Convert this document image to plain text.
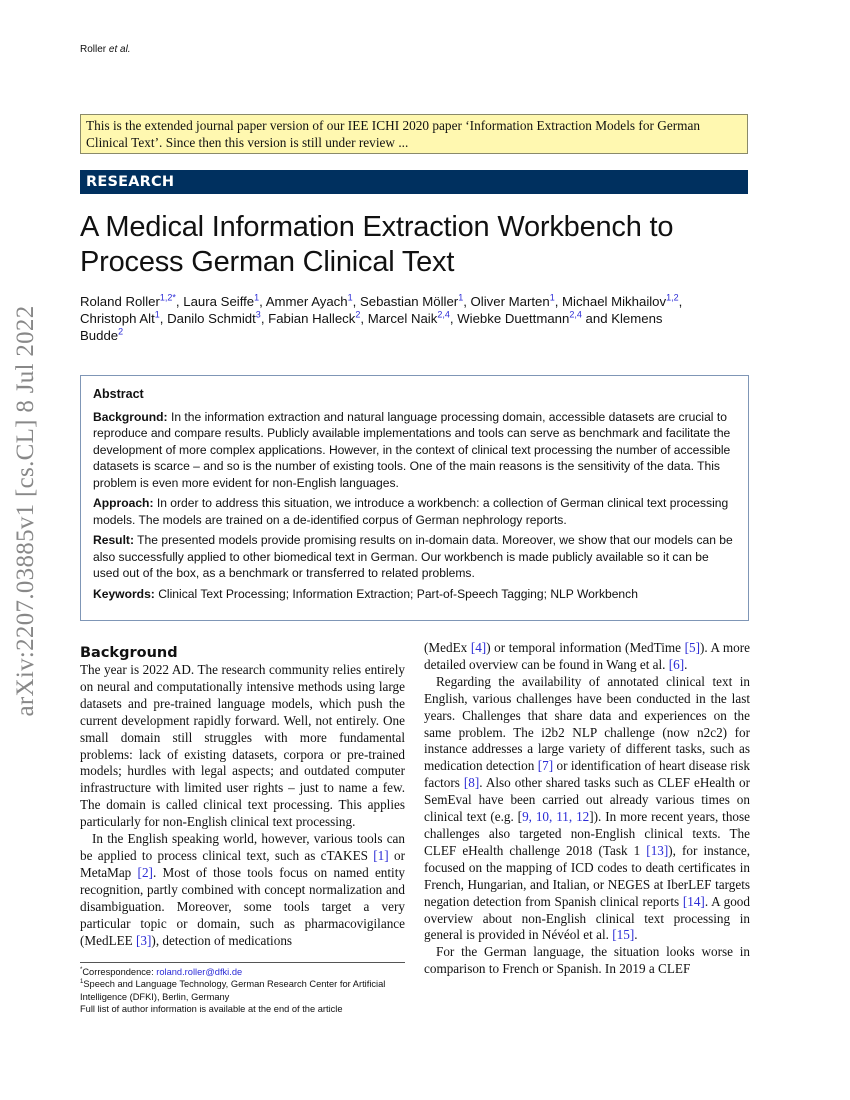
Roller et al.
arXiv:2207.03885v1 [cs.CL] 8 Jul 2022
This is the extended journal paper version of our IEE ICHI 2020 paper ‘Information Extraction Models for German Clinical Text’. Since then this version is still under review ...
RESEARCH
A Medical Information Extraction Workbench to Process German Clinical Text
Roland Roller$^{1,2*}$, Laura Seiffe$^1$, Ammer Ayach$^1$, Sebastian Möller$^1$, Oliver Marten$^1$, Michael Mikhailov$^{1,2}$, Christoph Alt$^1$, Danilo Schmidt$^3$, Fabian Halleck$^2$, Marcel Naik$^{2,4}$, Wiebke Duettmann$^{2,4}$ and Klemens Budde$^2$
Abstract

Background: In the information extraction and natural language processing domain, accessible datasets are crucial to reproduce and compare results. Publicly available implementations and tools can serve as benchmark and facilitate the development of more complex applications. However, in the context of clinical text processing the number of accessible datasets is scarce – and so is the number of existing tools. One of the main reasons is the sensitivity of the data. This problem is even more evident for non-English languages.

Approach: In order to address this situation, we introduce a workbench: a collection of German clinical text processing models. The models are trained on a de-identified corpus of German nephrology reports.

Result: The presented models provide promising results on in-domain data. Moreover, we show that our models can be also successfully applied to other biomedical text in German. Our workbench is made publicly available so it can be used out of the box, as a benchmark or transferred to related problems.

Keywords: Clinical Text Processing; Information Extraction; Part-of-Speech Tagging; NLP Workbench

Background

The year is 2022 AD. The research community relies entirely on neural and computationally intensive methods using large datasets and pre-trained language models, which push the current development rapidly forward. Well, not entirely. One small domain still struggles with more fundamental problems: lack of existing datasets, corpora or pre-trained models; hurdles with legal aspects; and outdated computer infrastructure with limited user rights – just to name a few. The domain is called clinical text processing. This applies particularly for non-English clinical text processing.

In the English speaking world, however, various tools can be applied to process clinical text, such as cTAKES [1] or MetaMap [2]. Most of those tools focus on named entity recognition, partly combined with concept normalization and disambiguation. Moreover, some tools target a very particular topic or domain, such as pharmacovigilance (MedLEE [3]), detection of medications

(MedEx [4]) or temporal information (MedTime [5]). A more detailed overview can be found in Wang et al. [6].

Regarding the availability of annotated clinical text in English, various challenges have been conducted in the last years. Challenges that share data and experiences on the same problem. The i2b2 NLP challenge (now n2c2) for instance addresses a large variety of different tasks, such as medication detection [7] or identification of heart disease risk factors [8]. Also other shared tasks such as CLEF eHealth or SemEval have been carried out already various times on clinical text (e.g. [9, 10, 11, 12]). In more recent years, those challenges also targeted non-English clinical texts. The CLEF eHealth challenge 2018 (Task 1 [13]), for instance, focused on the mapping of ICD codes to death certificates in French, Hungarian, and Italian, or NEGES at IberLEF targets negation detection from Spanish clinical reports [14]. A good overview about non-English clinical text processing in general is provided in Névéol et al. [15].

For the German language, the situation looks worse in comparison to French or Spanish. In 2019 a CLEF

*Correspondence: roland.roller@dfki.de
$^1$Speech and Language Technology, German Research Center for Artificial Intelligence (DFKI), Berlin, Germany
Full list of author information is available at the end of the article
